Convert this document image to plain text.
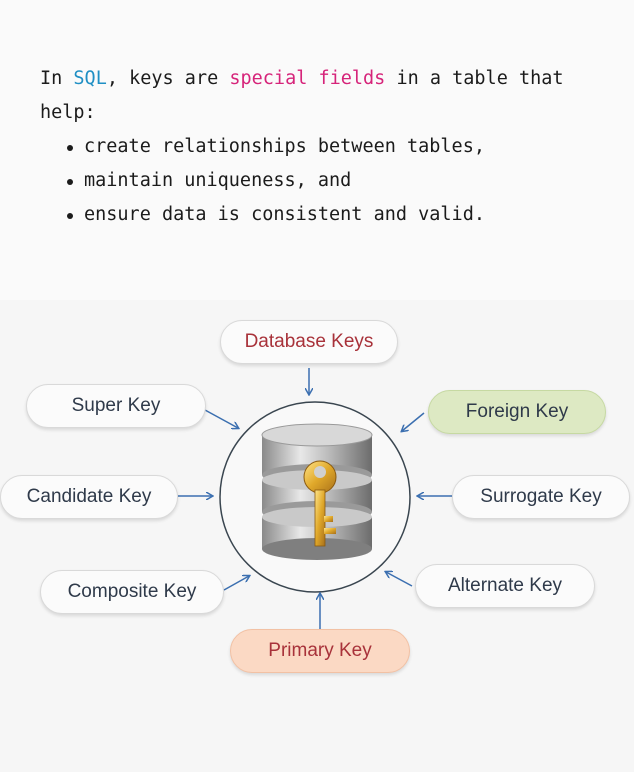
In SQL, keys are special fields in a table that
help:
create relationships between tables,
maintain uniqueness, and
ensure data is consistent and valid.
Database Keys
Super Key
Candidate Key
Composite Key
Primary Key
Foreign Key
Surrogate Key
Alternate Key
